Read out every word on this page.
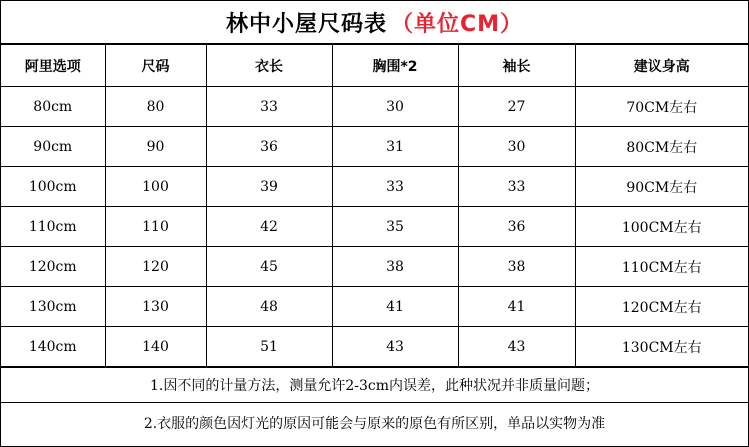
林中小屋尺码表 （单位CM）
阿里选项	尺码	衣长	胸围*2	袖长	建议身高
80cm	80	33	30	27	70CM左右
90cm	90	36	31	30	80CM左右
100cm	100	39	33	33	90CM左右
110cm	110	42	35	36	100CM左右
120cm	120	45	38	38	110CM左右
130cm	130	48	41	41	120CM左右
140cm	140	51	43	43	130CM左右
1.因不同的计量方法，测量允许2-3cm内误差，此种状况并非质量问题；
2.衣服的颜色因灯光的原因可能会与原来的原色有所区别，单品以实物为准
